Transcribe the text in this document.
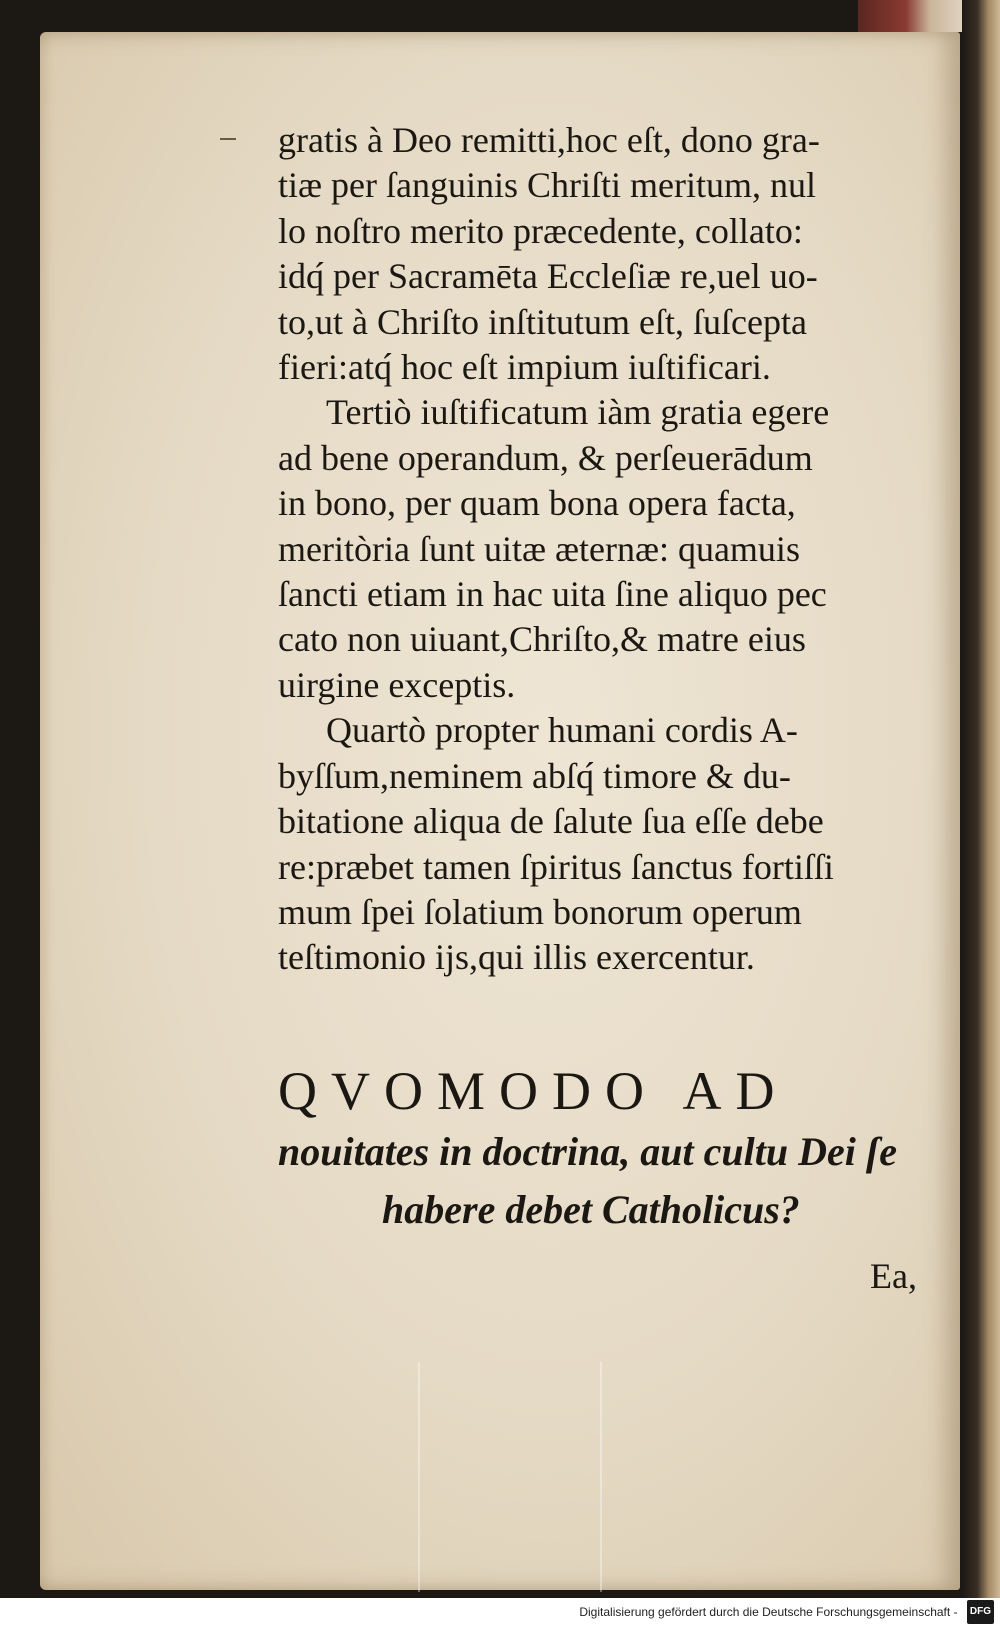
gratis à Deo remitti,hoc eſt, dono gra-
tiæ per ſanguinis Chriſti meritum, nul
lo noſtro merito præcedente, collato:
idq́ per Sacramēta Eccleſiæ re,uel uo-
to,ut à Chriſto inſtitutum eſt, ſuſcepta
fieri:atq́ hoc eſt impium iuſtificari.
Tertiò iuſtificatum iàm gratia egere
ad bene operandum, & perſeuerādum
in bono, per quam bona opera facta,
meritòria ſunt uitæ æternæ: quamuis
ſancti etiam in hac uita ſine aliquo pec
cato non uiuant,Chriſto,& matre eius
uirgine exceptis.
Quartò propter humani cordis A-
byſſum,neminem abſq́ timore & du-
bitatione aliqua de ſalute ſua eſſe debe
re:præbet tamen ſpiritus ſanctus fortiſſi
mum ſpei ſolatium bonorum operum
teſtimonio ijs,qui illis exercentur.
QVOMODO AD
nouitates in doctrina, aut cultu Dei ſe
habere debet Catholicus?
Ea,
Digitalisierung gefördert durch die Deutsche Forschungsgemeinschaft - DFG
